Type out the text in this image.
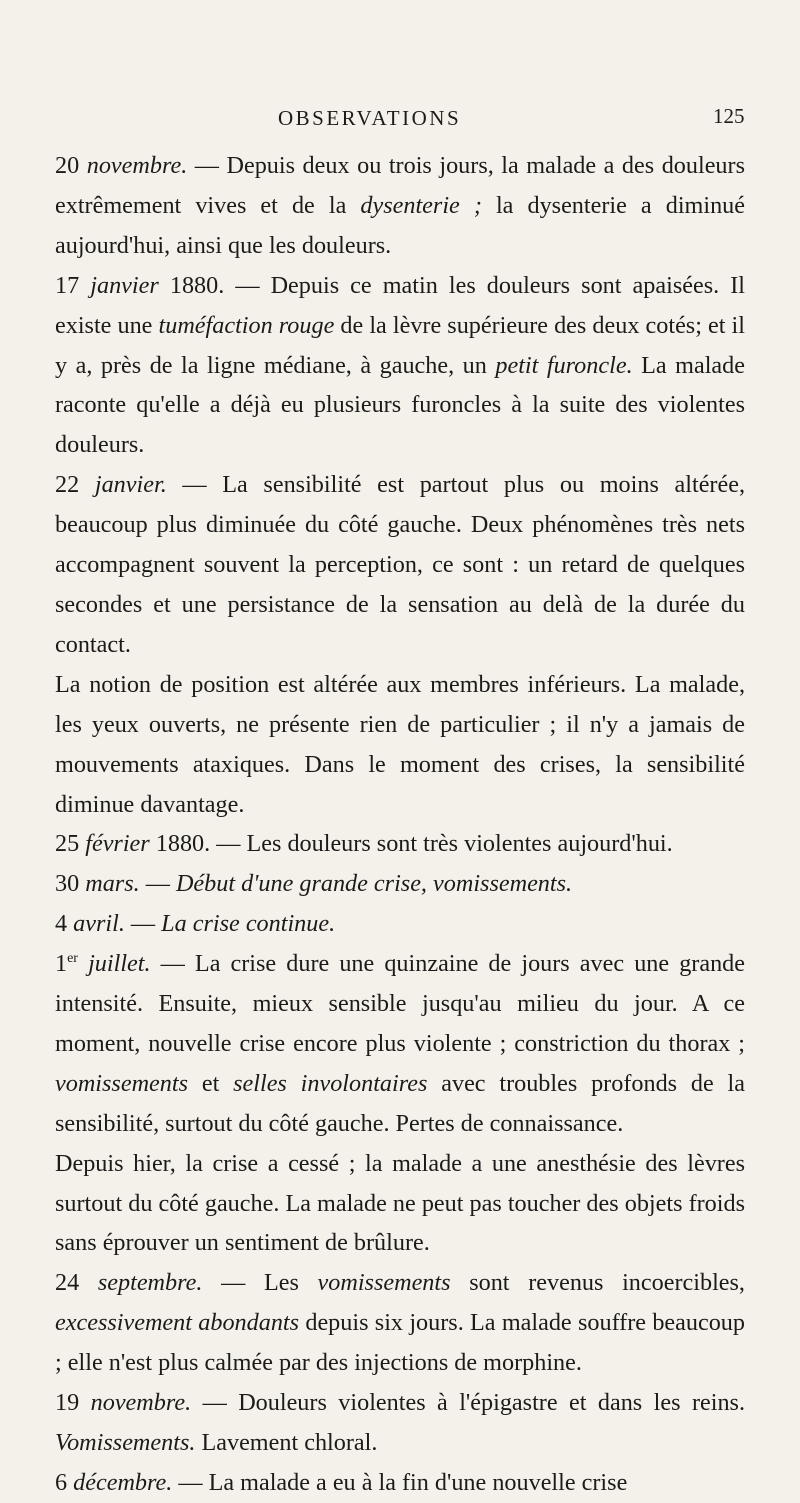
OBSERVATIONS	125

20 novembre. — Depuis deux ou trois jours, la malade a des douleurs extrêmement vives et de la dysenterie ; la dysenterie a diminué aujourd'hui, ainsi que les douleurs.

17 janvier 1880. — Depuis ce matin les douleurs sont apaisées. Il existe une tuméfaction rouge de la lèvre supérieure des deux cotés; et il y a, près de la ligne médiane, à gauche, un petit furoncle. La malade raconte qu'elle a déjà eu plusieurs furoncles à la suite des violentes douleurs.

22 janvier. — La sensibilité est partout plus ou moins altérée, beaucoup plus diminuée du côté gauche. Deux phénomènes très nets accompagnent souvent la perception, ce sont : un retard de quelques secondes et une persistance de la sensation au delà de la durée du contact.

La notion de position est altérée aux membres inférieurs. La malade, les yeux ouverts, ne présente rien de particulier ; il n'y a jamais de mouvements ataxiques. Dans le moment des crises, la sensibilité diminue davantage.

25 février 1880. — Les douleurs sont très violentes aujourd'hui.

30 mars. — Début d'une grande crise, vomissements.

4 avril. — La crise continue.

1er juillet. — La crise dure une quinzaine de jours avec une grande intensité. Ensuite, mieux sensible jusqu'au milieu du jour. A ce moment, nouvelle crise encore plus violente ; constriction du thorax ; vomissements et selles involontaires avec troubles profonds de la sensibilité, surtout du côté gauche. Pertes de connaissance.

Depuis hier, la crise a cessé ; la malade a une anesthésie des lèvres surtout du côté gauche. La malade ne peut pas toucher des objets froids sans éprouver un sentiment de brûlure.

24 septembre. — Les vomissements sont revenus incoercibles, excessivement abondants depuis six jours. La malade souffre beaucoup ; elle n'est plus calmée par des injections de morphine.

19 novembre. — Douleurs violentes à l'épigastre et dans les reins. Vomissements. Lavement chloral.

6 décembre. — La malade a eu à la fin d'une nouvelle crise
